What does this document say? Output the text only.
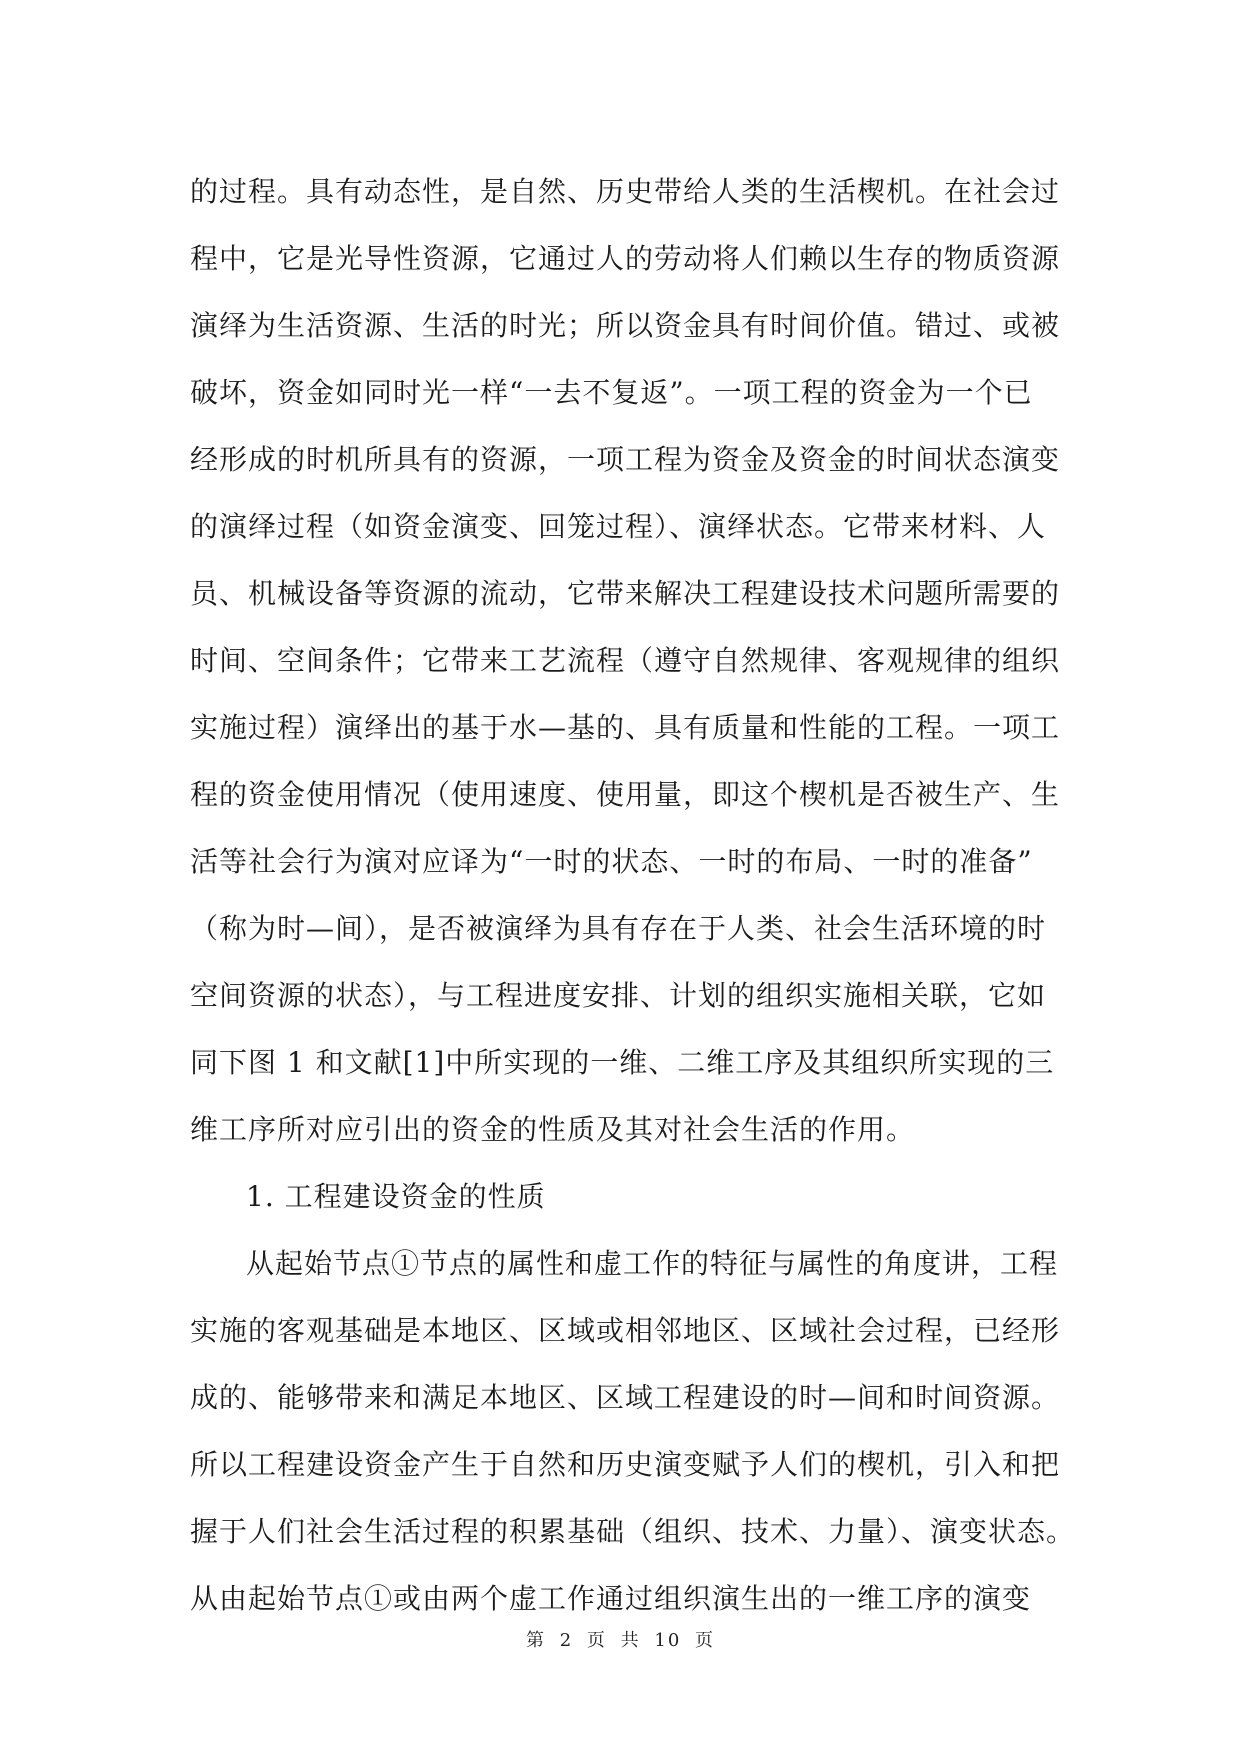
的过程。具有动态性，是自然、历史带给人类的生活楔机。在社会过
程中，它是光导性资源，它通过人的劳动将人们赖以生存的物质资源
演绎为生活资源、生活的时光；所以资金具有时间价值。错过、或被
破坏，资金如同时光一样“一去不复返”。一项工程的资金为一个已
经形成的时机所具有的资源，一项工程为资金及资金的时间状态演变
的演绎过程（如资金演变、回笼过程）、演绎状态。它带来材料、人
员、机械设备等资源的流动，它带来解决工程建设技术问题所需要的
时间、空间条件；它带来工艺流程（遵守自然规律、客观规律的组织
实施过程）演绎出的基于水—基的、具有质量和性能的工程。一项工
程的资金使用情况（使用速度、使用量，即这个楔机是否被生产、生
活等社会行为演对应译为“一时的状态、一时的布局、一时的准备”
（称为时—间），是否被演绎为具有存在于人类、社会生活环境的时
空间资源的状态），与工程进度安排、计划的组织实施相关联，它如
同下图 1 和文献[1]中所实现的一维、二维工序及其组织所实现的三
维工序所对应引出的资金的性质及其对社会生活的作用。
1. 工程建设资金的性质
从起始节点①节点的属性和虚工作的特征与属性的角度讲，工程
实施的客观基础是本地区、区域或相邻地区、区域社会过程，已经形
成的、能够带来和满足本地区、区域工程建设的时—间和时间资源。
所以工程建设资金产生于自然和历史演变赋予人们的楔机，引入和把
握于人们社会生活过程的积累基础（组织、技术、力量）、演变状态。
从由起始节点①或由两个虚工作通过组织演生出的一维工序的演变
第 2 页 共 10 页
